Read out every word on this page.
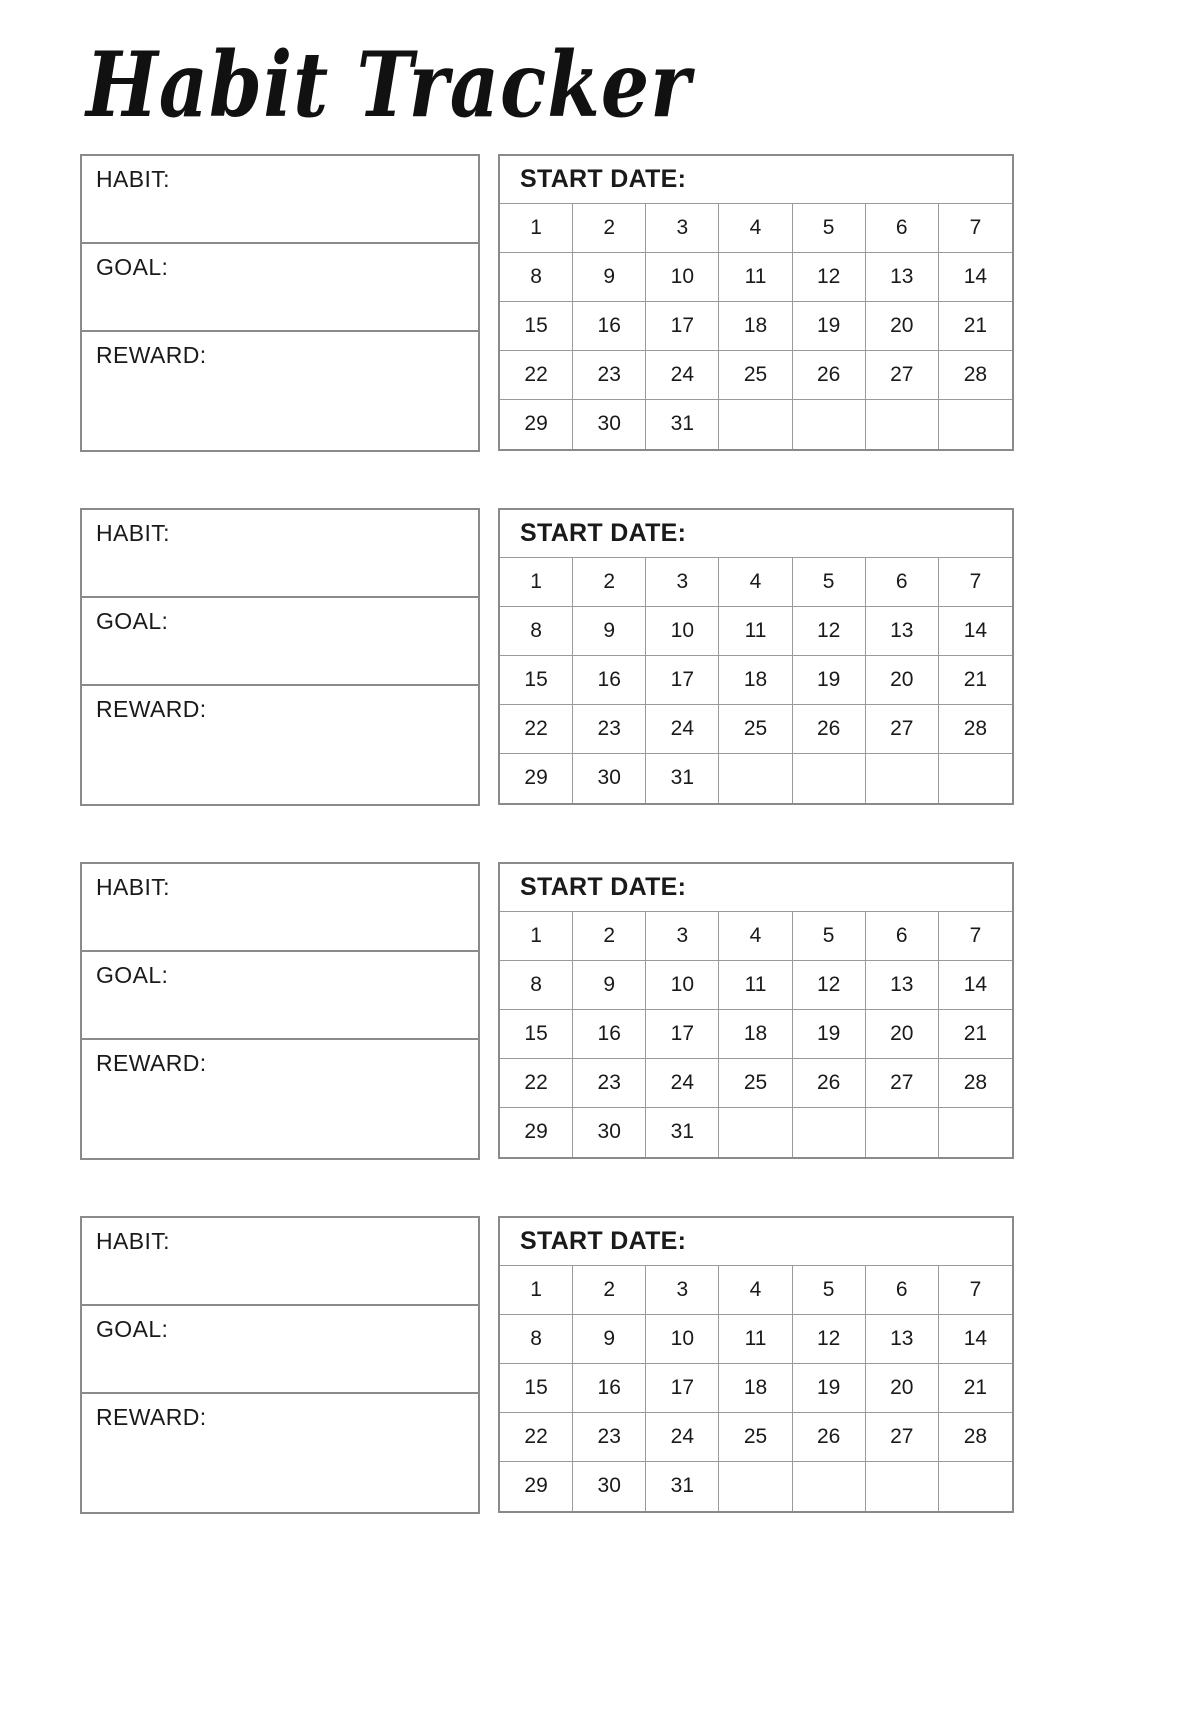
Habit Tracker
HABIT:
GOAL:
REWARD:
START DATE:
1	2	3	4	5	6	7
8	9	10	11	12	13	14
15	16	17	18	19	20	21
22	23	24	25	26	27	28
29	30	31
HABIT:
GOAL:
REWARD:
START DATE:
1	2	3	4	5	6	7
8	9	10	11	12	13	14
15	16	17	18	19	20	21
22	23	24	25	26	27	28
29	30	31
HABIT:
GOAL:
REWARD:
START DATE:
1	2	3	4	5	6	7
8	9	10	11	12	13	14
15	16	17	18	19	20	21
22	23	24	25	26	27	28
29	30	31
HABIT:
GOAL:
REWARD:
START DATE:
1	2	3	4	5	6	7
8	9	10	11	12	13	14
15	16	17	18	19	20	21
22	23	24	25	26	27	28
29	30	31
